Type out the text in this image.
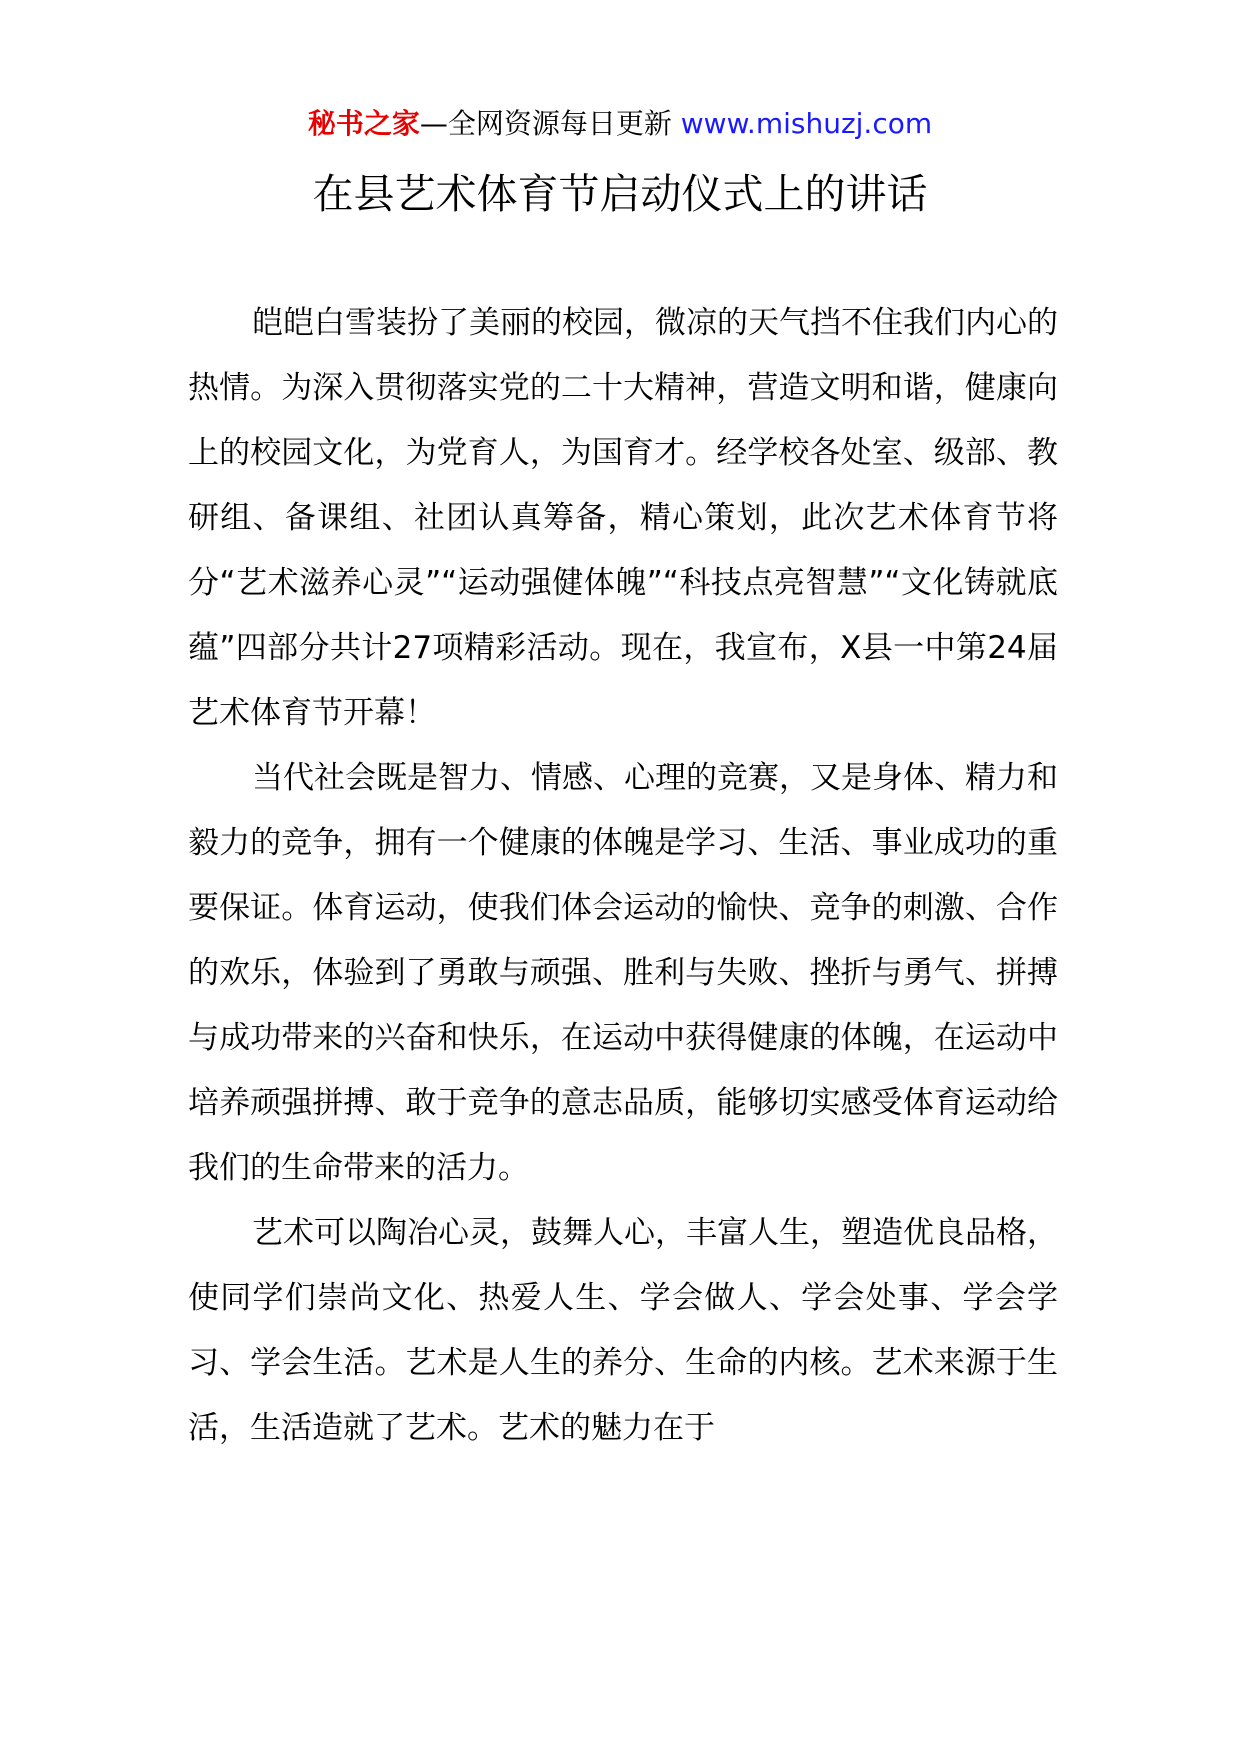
秘书之家—全网资源每日更新 www.mishuzj.com
在县艺术体育节启动仪式上的讲话

皑皑白雪装扮了美丽的校园，微凉的天气挡不住我们内心的热情。为深入贯彻落实党的二十大精神，营造文明和谐，健康向上的校园文化，为党育人，为国育才。经学校各处室、级部、教研组、备课组、社团认真筹备，精心策划，此次艺术体育节将分“艺术滋养心灵”“运动强健体魄”“科技点亮智慧”“文化铸就底蕴”四部分共计27项精彩活动。现在，我宣布，X县一中第24届艺术体育节开幕！

当代社会既是智力、情感、心理的竞赛，又是身体、精力和毅力的竞争，拥有一个健康的体魄是学习、生活、事业成功的重要保证。体育运动，使我们体会运动的愉快、竞争的刺激、合作的欢乐，体验到了勇敢与顽强、胜利与失败、挫折与勇气、拼搏与成功带来的兴奋和快乐，在运动中获得健康的体魄，在运动中培养顽强拼搏、敢于竞争的意志品质，能够切实感受体育运动给我们的生命带来的活力。

艺术可以陶冶心灵，鼓舞人心，丰富人生，塑造优良品格，使同学们崇尚文化、热爱人生、学会做人、学会处事、学会学习、学会生活。艺术是人生的养分、生命的内核。艺术来源于生活，生活造就了艺术。艺术的魅力在于
